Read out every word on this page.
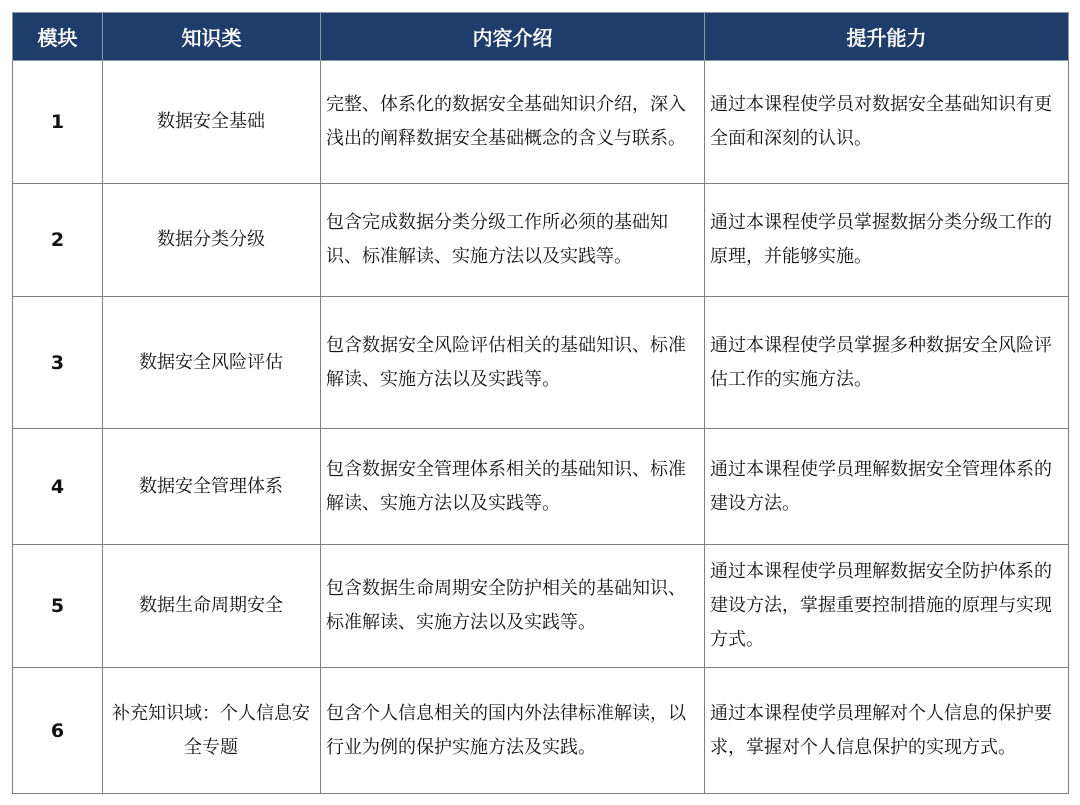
模块	知识类	内容介绍	提升能力
1	数据安全基础	完整、体系化的数据安全基础知识介绍，深入浅出的阐释数据安全基础概念的含义与联系。	通过本课程使学员对数据安全基础知识有更全面和深刻的认识。
2	数据分类分级	包含完成数据分类分级工作所必须的基础知识、标准解读、实施方法以及实践等。	通过本课程使学员掌握数据分类分级工作的原理，并能够实施。
3	数据安全风险评估	包含数据安全风险评估相关的基础知识、标准解读、实施方法以及实践等。	通过本课程使学员掌握多种数据安全风险评估工作的实施方法。
4	数据安全管理体系	包含数据安全管理体系相关的基础知识、标准解读、实施方法以及实践等。	通过本课程使学员理解数据安全管理体系的建设方法。
5	数据生命周期安全	包含数据生命周期安全防护相关的基础知识、标准解读、实施方法以及实践等。	通过本课程使学员理解数据安全防护体系的建设方法，掌握重要控制措施的原理与实现方式。
6	补充知识域：个人信息安全专题	包含个人信息相关的国内外法律标准解读，以行业为例的保护实施方法及实践。	通过本课程使学员理解对个人信息的保护要求，掌握对个人信息保护的实现方式。
